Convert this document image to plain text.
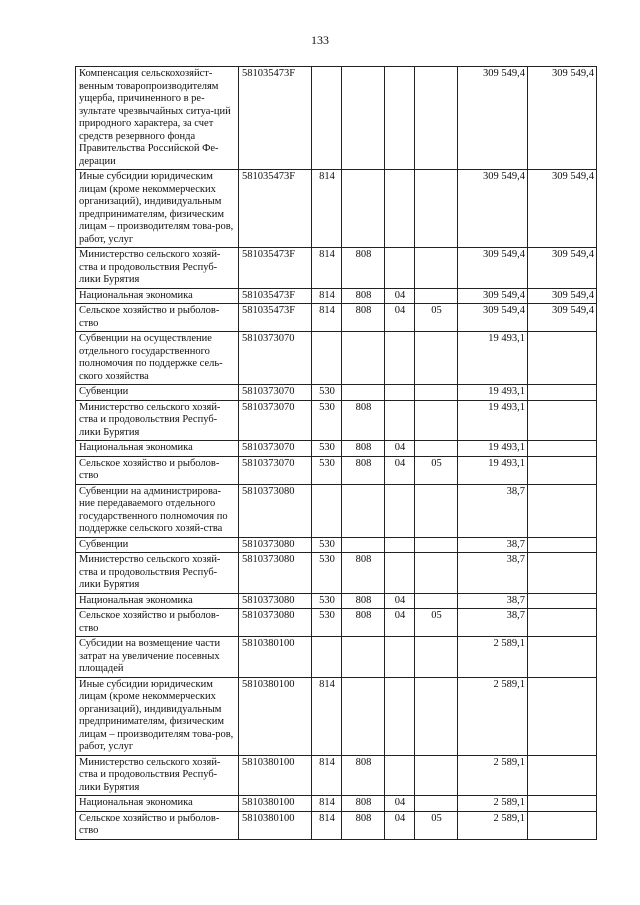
133
Компенсация сельскохозяйст-венным товаропроизводителям ущерба, причиненного в ре-зультате чрезвычайных ситуа-ций природного характера, за счет средств резервного фонда Правительства Российской Фе-дерации	581035473F					309 549,4	309 549,4
Иные субсидии юридическим лицам (кроме некоммерческих организаций), индивидуальным предпринимателям, физическим лицам – производителям това-ров, работ, услуг	581035473F	814				309 549,4	309 549,4
Министерство сельского хозяй-ства и продовольствия Респуб-лики Бурятия	581035473F	814	808			309 549,4	309 549,4
Национальная экономика	581035473F	814	808	04		309 549,4	309 549,4
Сельское хозяйство и рыболов-ство	581035473F	814	808	04	05	309 549,4	309 549,4
Субвенции на осуществление отдельного государственного полномочия по поддержке сель-ского хозяйства	5810373070					19 493,1	
Субвенции	5810373070	530				19 493,1	
Министерство сельского хозяй-ства и продовольствия Респуб-лики Бурятия	5810373070	530	808			19 493,1	
Национальная экономика	5810373070	530	808	04		19 493,1	
Сельское хозяйство и рыболов-ство	5810373070	530	808	04	05	19 493,1	
Субвенции на администрирова-ние передаваемого отдельного государственного полномочия по поддержке сельского хозяй-ства	5810373080					38,7	
Субвенции	5810373080	530				38,7	
Министерство сельского хозяй-ства и продовольствия Респуб-лики Бурятия	5810373080	530	808			38,7	
Национальная экономика	5810373080	530	808	04		38,7	
Сельское хозяйство и рыболов-ство	5810373080	530	808	04	05	38,7	
Субсидии на возмещение части затрат на увеличение посевных площадей	5810380100					2 589,1	
Иные субсидии юридическим лицам (кроме некоммерческих организаций), индивидуальным предпринимателям, физическим лицам – производителям това-ров, работ, услуг	5810380100	814				2 589,1	
Министерство сельского хозяй-ства и продовольствия Респуб-лики Бурятия	5810380100	814	808			2 589,1	
Национальная экономика	5810380100	814	808	04		2 589,1	
Сельское хозяйство и рыболов-ство	5810380100	814	808	04	05	2 589,1	
